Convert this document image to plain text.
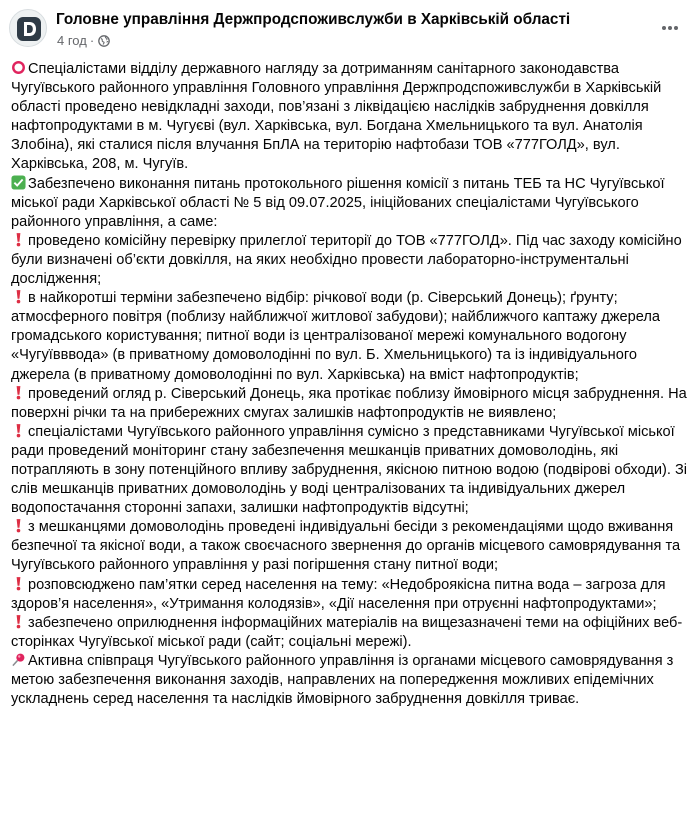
Головне управління Держпродспоживслужби в Харківській області
4 год ·
Спеціалістами відділу державного нагляду за дотриманням санітарного законодавства Чугуївського районного управління Головного управління Держпродспоживслужби в Харківській області проведено невідкладні заходи, пов’язані з ліквідацією наслідків забруднення довкілля нафтопродуктами в м. Чугуєві (вул. Харківська, вул. Богдана Хмельницького та вул. Анатолія Злобіна), які сталися після влучання БпЛА на територію нафтобази ТОВ «777ГОЛД», вул. Харківська, 208, м. Чугуїв.
Забезпечено виконання питань протокольного рішення комісії з питань ТЕБ та НС Чугуївської міської ради Харківської області № 5 від 09.07.2025, ініційованих спеціалістами Чугуївського районного управління, а саме:
проведено комісійну перевірку прилеглої території до ТОВ «777ГОЛД». Під час заходу комісійно були визначені об’єкти довкілля, на яких необхідно провести лабораторно-інструментальні дослідження;
в найкоротші терміни забезпечено відбір: річкової води (р. Сіверський Донець); ґрунту; атмосферного повітря (поблизу найближчої житлової забудови); найближчого каптажу джерела громадського користування; питної води із централізованої мережі комунального водогону «Чугуївввода» (в приватному домоволодінні по вул. Б. Хмельницького) та із індивідуального джерела (в приватному домоволодінні по вул. Харківська) на вміст нафтопродуктів;
проведений огляд р. Сіверський Донець, яка протікає поблизу ймовірного місця забруднення. На поверхні річки та на прибережних смугах залишків нафтопродуктів не виявлено;
спеціалістами Чугуївського районного управління сумісно з представниками Чугуївської міської ради проведений моніторинг стану забезпечення мешканців приватних домоволодінь, які потрапляють в зону потенційного впливу забруднення, якісною питною водою (подвірові обходи). Зі слів мешканців приватних домоволодінь у воді централізованих та індивідуальних джерел водопостачання сторонні запахи, залишки нафтопродуктів відсутні;
з мешканцями домоволодінь проведені індивідуальні бесіди з рекомендаціями щодо вживання безпечної та якісної води, а також своєчасного звернення до органів місцевого самоврядування та Чугуївського районного управління у разі погіршення стану питної води;
розповсюджено пам’ятки серед населення на тему: «Недоброякісна питна вода – загроза для здоров’я населення», «Утримання колодязів», «Дії населення при отруєнні нафтопродуктами»;
забезпечено оприлюднення інформаційних матеріалів на вищезазначені теми на офіційних веб-сторінках Чугуївської міської ради (сайт; соціальні мережі).
Активна співпраця Чугуївського районного управління із органами місцевого самоврядування з метою забезпечення виконання заходів, направлених на попередження можливих епідемічних ускладнень серед населення та наслідків ймовірного забруднення довкілля триває.
